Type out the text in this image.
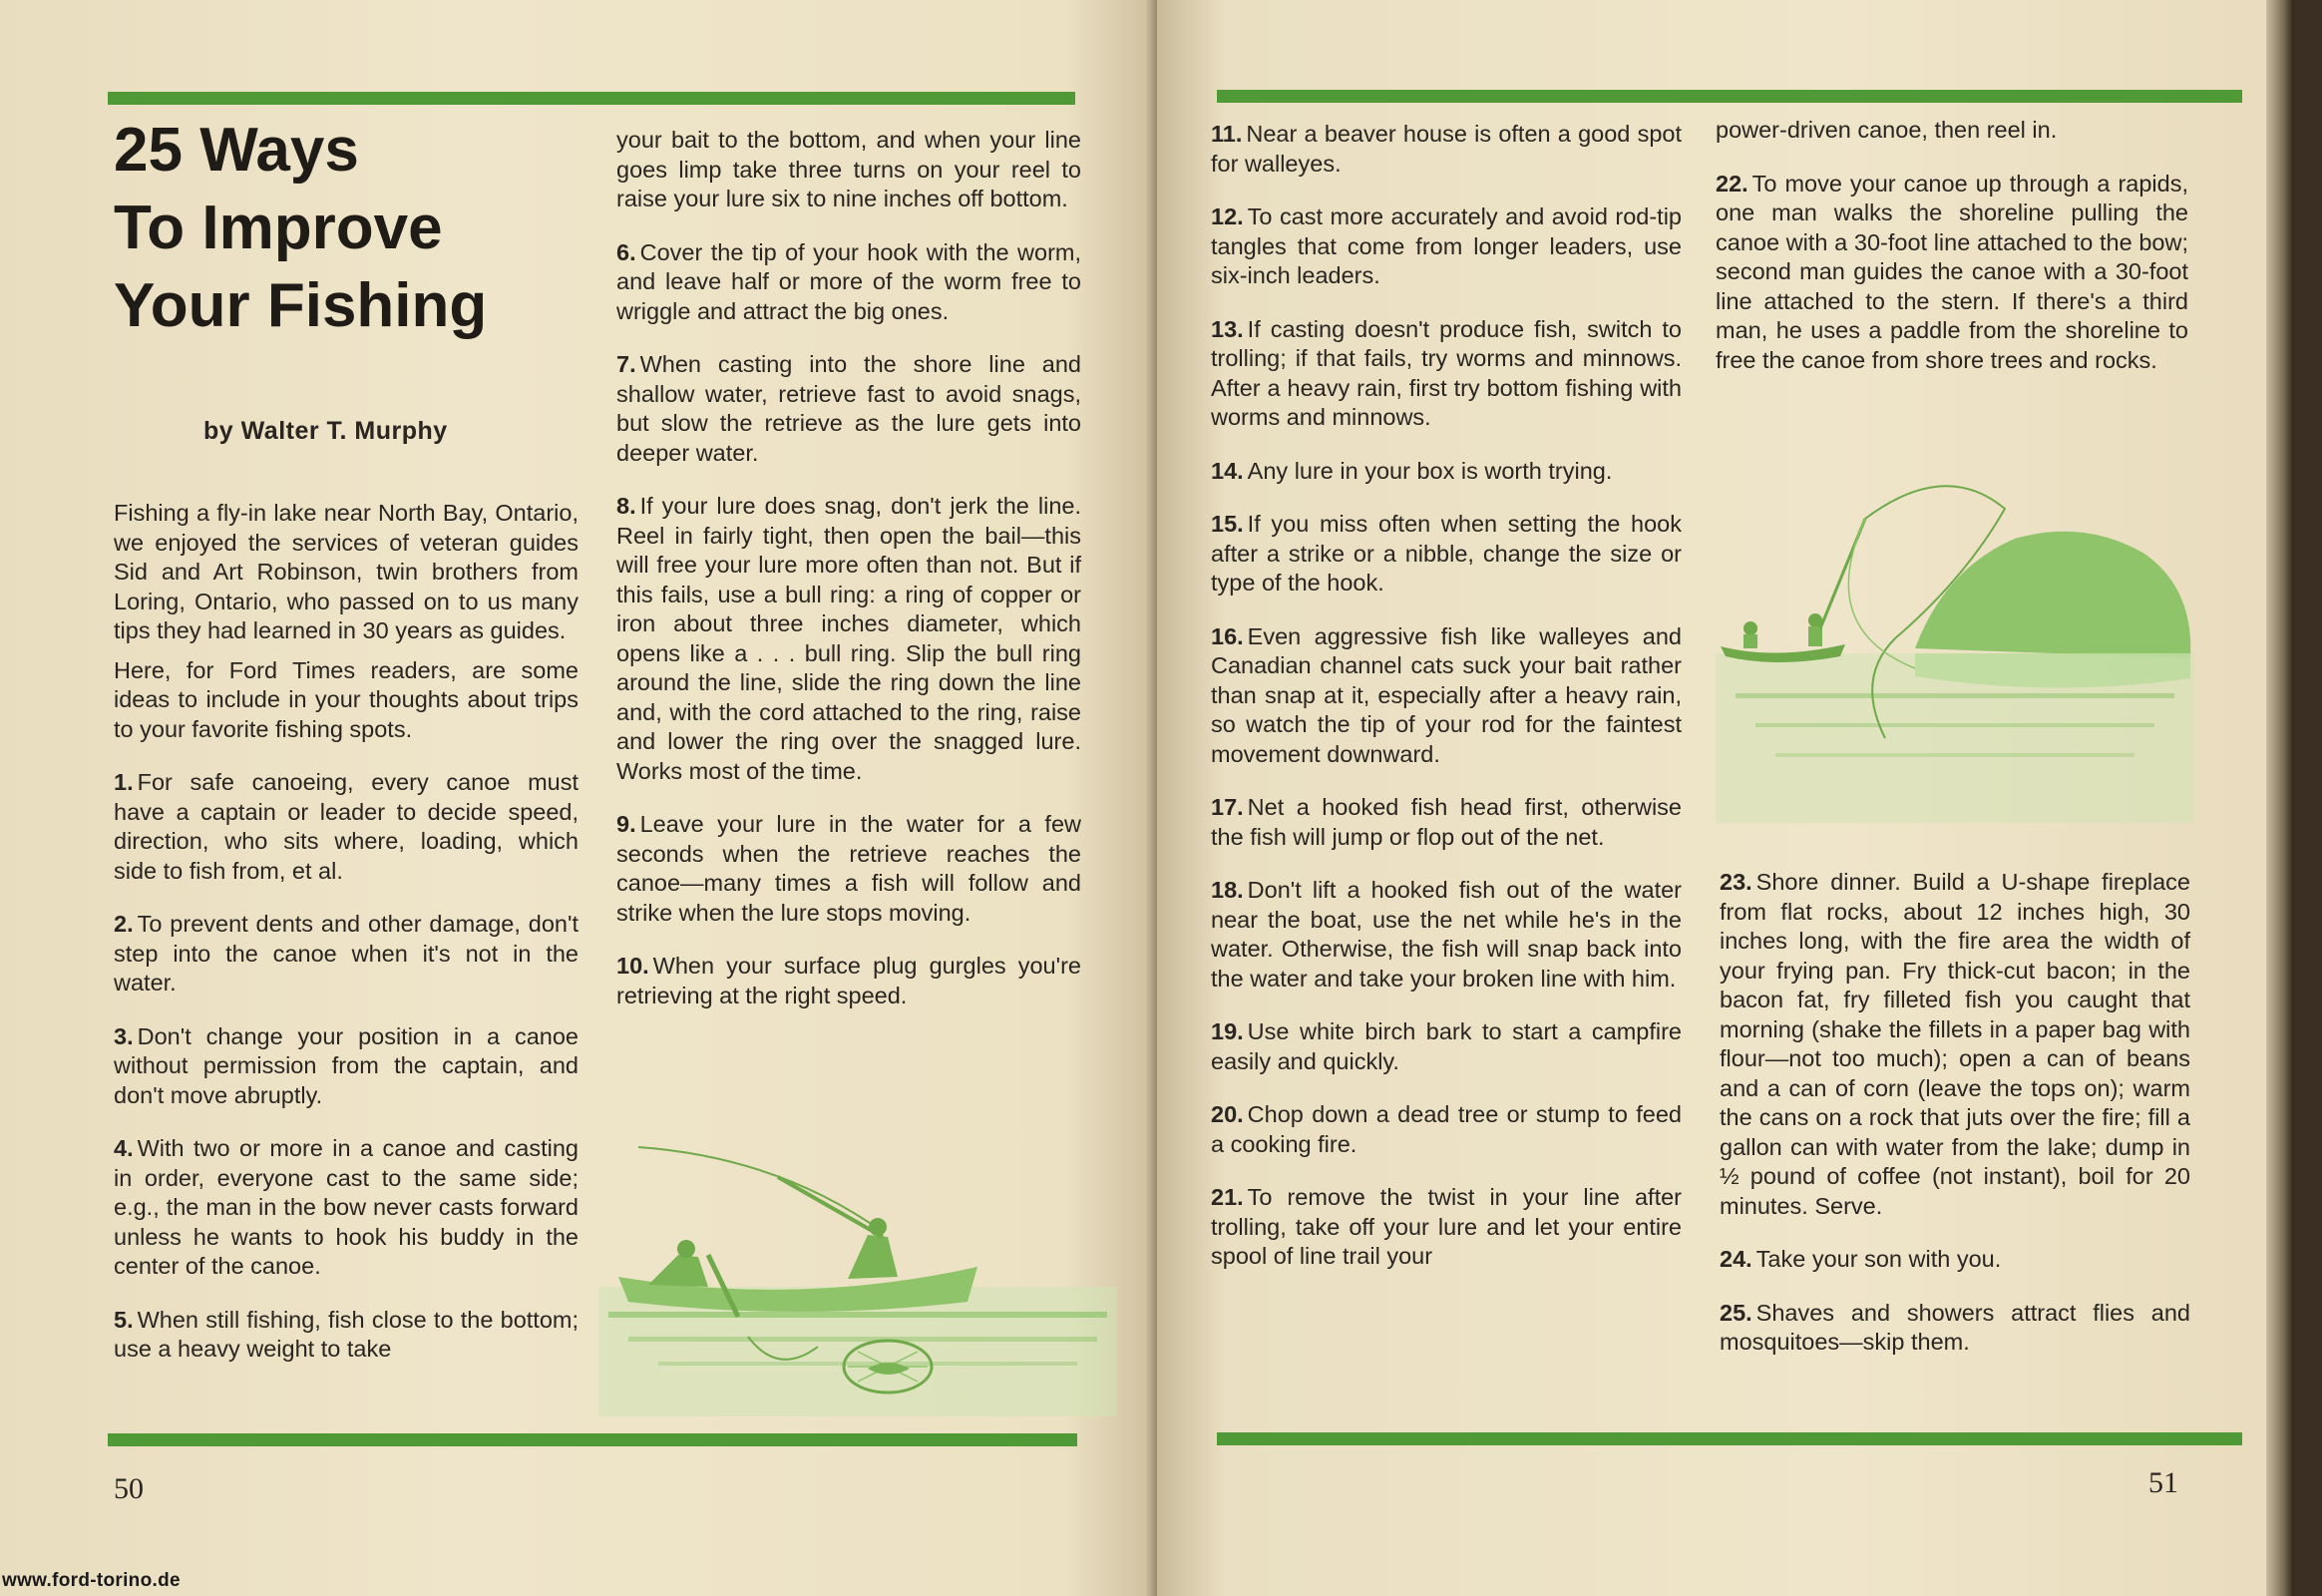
25 Ways
To Improve
Your Fishing
by Walter T. Murphy

Fishing a fly-in lake near North Bay, Ontario, we enjoyed the services of veteran guides Sid and Art Robinson, twin brothers from Loring, Ontario, who passed on to us many tips they had learned in 30 years as guides.

Here, for Ford Times readers, are some ideas to include in your thoughts about trips to your favorite fishing spots.

1. For safe canoeing, every canoe must have a captain or leader to decide speed, direction, who sits where, loading, which side to fish from, et al.

2. To prevent dents and other damage, don't step into the canoe when it's not in the water.

3. Don't change your position in a canoe without permission from the captain, and don't move abruptly.

4. With two or more in a canoe and casting in order, everyone cast to the same side; e.g., the man in the bow never casts forward unless he wants to hook his buddy in the center of the canoe.

5. When still fishing, fish close to the bottom; use a heavy weight to take

your bait to the bottom, and when your line goes limp take three turns on your reel to raise your lure six to nine inches off bottom.

6. Cover the tip of your hook with the worm, and leave half or more of the worm free to wriggle and attract the big ones.

7. When casting into the shore line and shallow water, retrieve fast to avoid snags, but slow the retrieve as the lure gets into deeper water.

8. If your lure does snag, don't jerk the line. Reel in fairly tight, then open the bail—this will free your lure more often than not. But if this fails, use a bull ring: a ring of copper or iron about three inches diameter, which opens like a . . . bull ring. Slip the bull ring around the line, slide the ring down the line and, with the cord attached to the ring, raise and lower the ring over the snagged lure. Works most of the time.

9. Leave your lure in the water for a few seconds when the retrieve reaches the canoe—many times a fish will follow and strike when the lure stops moving.

10. When your surface plug gurgles you're retrieving at the right speed.

50
www.ford-torino.de

11. Near a beaver house is often a good spot for walleyes.

12. To cast more accurately and avoid rod-tip tangles that come from longer leaders, use six-inch leaders.

13. If casting doesn't produce fish, switch to trolling; if that fails, try worms and minnows. After a heavy rain, first try bottom fishing with worms and minnows.

14. Any lure in your box is worth trying.

15. If you miss often when setting the hook after a strike or a nibble, change the size or type of the hook.

16. Even aggressive fish like walleyes and Canadian channel cats suck your bait rather than snap at it, especially after a heavy rain, so watch the tip of your rod for the faintest movement downward.

17. Net a hooked fish head first, otherwise the fish will jump or flop out of the net.

18. Don't lift a hooked fish out of the water near the boat, use the net while he's in the water. Otherwise, the fish will snap back into the water and take your broken line with him.

19. Use white birch bark to start a campfire easily and quickly.

20. Chop down a dead tree or stump to feed a cooking fire.

21. To remove the twist in your line after trolling, take off your lure and let your entire spool of line trail your

power-driven canoe, then reel in.

22. To move your canoe up through a rapids, one man walks the shoreline pulling the canoe with a 30-foot line attached to the bow; second man guides the canoe with a 30-foot line attached to the stern. If there's a third man, he uses a paddle from the shoreline to free the canoe from shore trees and rocks.

23. Shore dinner. Build a U-shape fireplace from flat rocks, about 12 inches high, 30 inches long, with the fire area the width of your frying pan. Fry thick-cut bacon; in the bacon fat, fry filleted fish you caught that morning (shake the fillets in a paper bag with flour—not too much); open a can of beans and a can of corn (leave the tops on); warm the cans on a rock that juts over the fire; fill a gallon can with water from the lake; dump in ½ pound of coffee (not instant), boil for 20 minutes. Serve.

24. Take your son with you.

25. Shaves and showers attract flies and mosquitoes—skip them.

51
